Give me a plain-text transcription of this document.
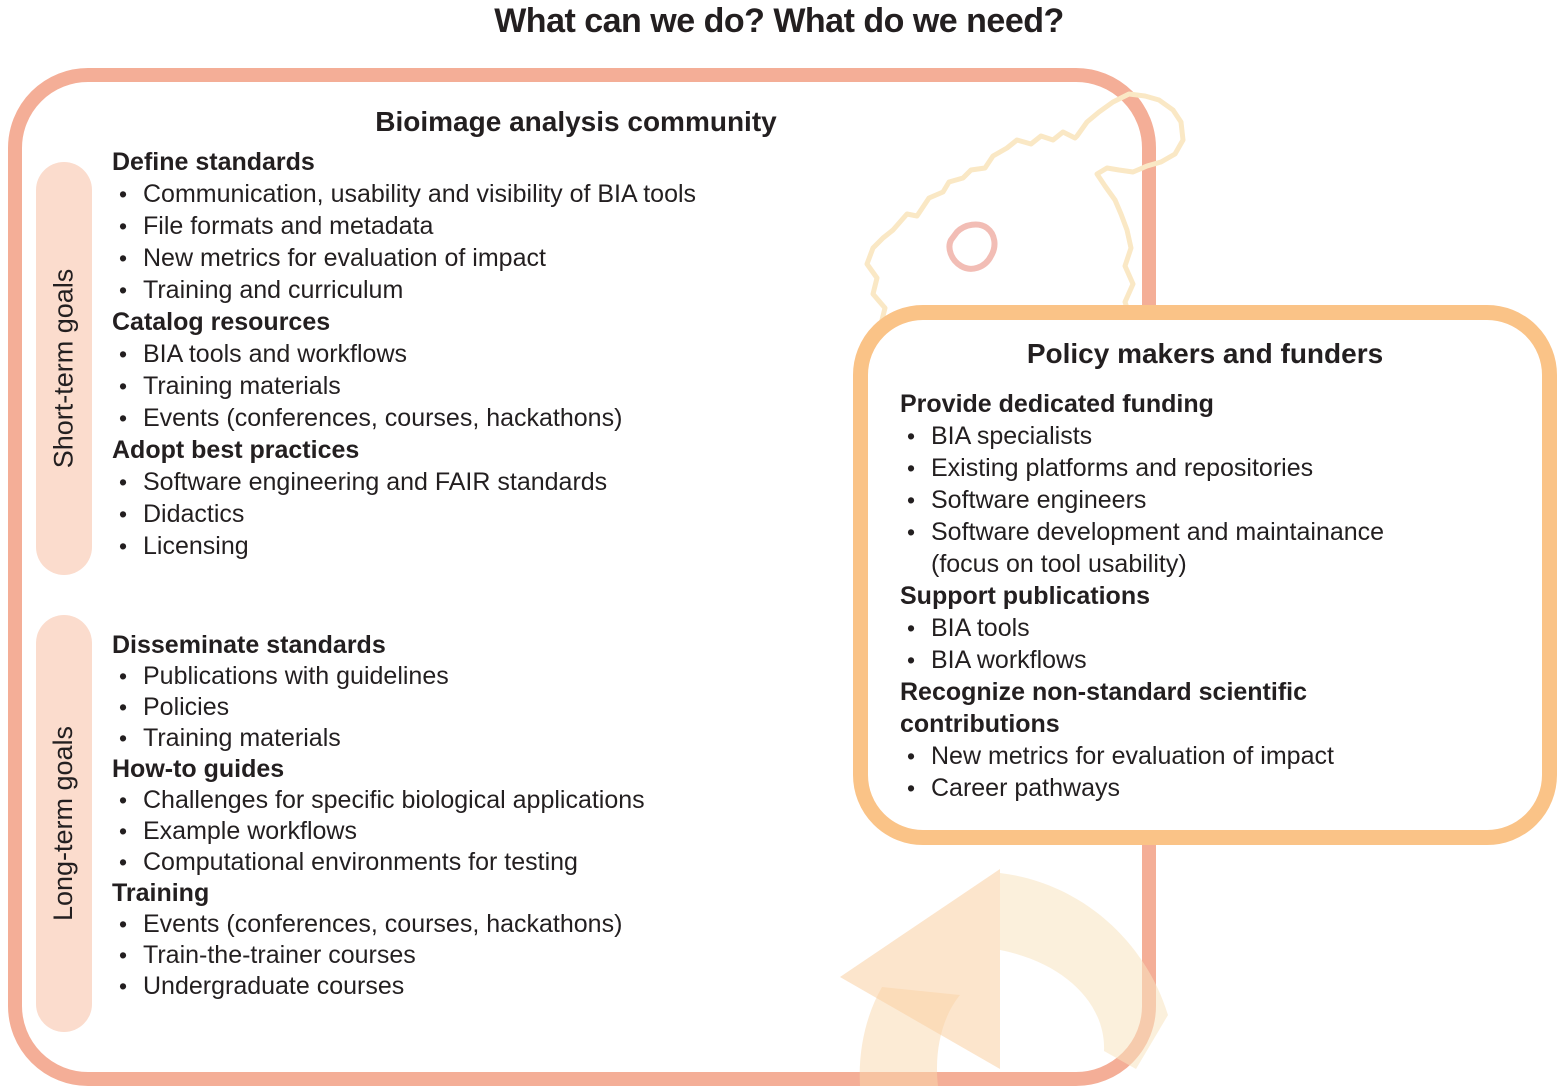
What can we do? What do we need?
Bioimage analysis community
Short-term goals
Long-term goals
Define standards
• Communication, usability and visibility of BIA tools
• File formats and metadata
• New metrics for evaluation of impact
• Training and curriculum
Catalog resources
• BIA tools and workflows
• Training materials
• Events (conferences, courses, hackathons)
Adopt best practices
• Software engineering and FAIR standards
• Didactics
• Licensing
Disseminate standards
• Publications with guidelines
• Policies
• Training materials
How-to guides
• Challenges for specific biological applications
• Example workflows
• Computational environments for testing
Training
• Events (conferences, courses, hackathons)
• Train-the-trainer courses
• Undergraduate courses
Policy makers and funders
Provide dedicated funding
• BIA specialists
• Existing platforms and repositories
• Software engineers
• Software development and maintainance (focus on tool usability)
Support publications
• BIA tools
• BIA workflows
Recognize non-standard scientific contributions
• New metrics for evaluation of impact
• Career pathways
